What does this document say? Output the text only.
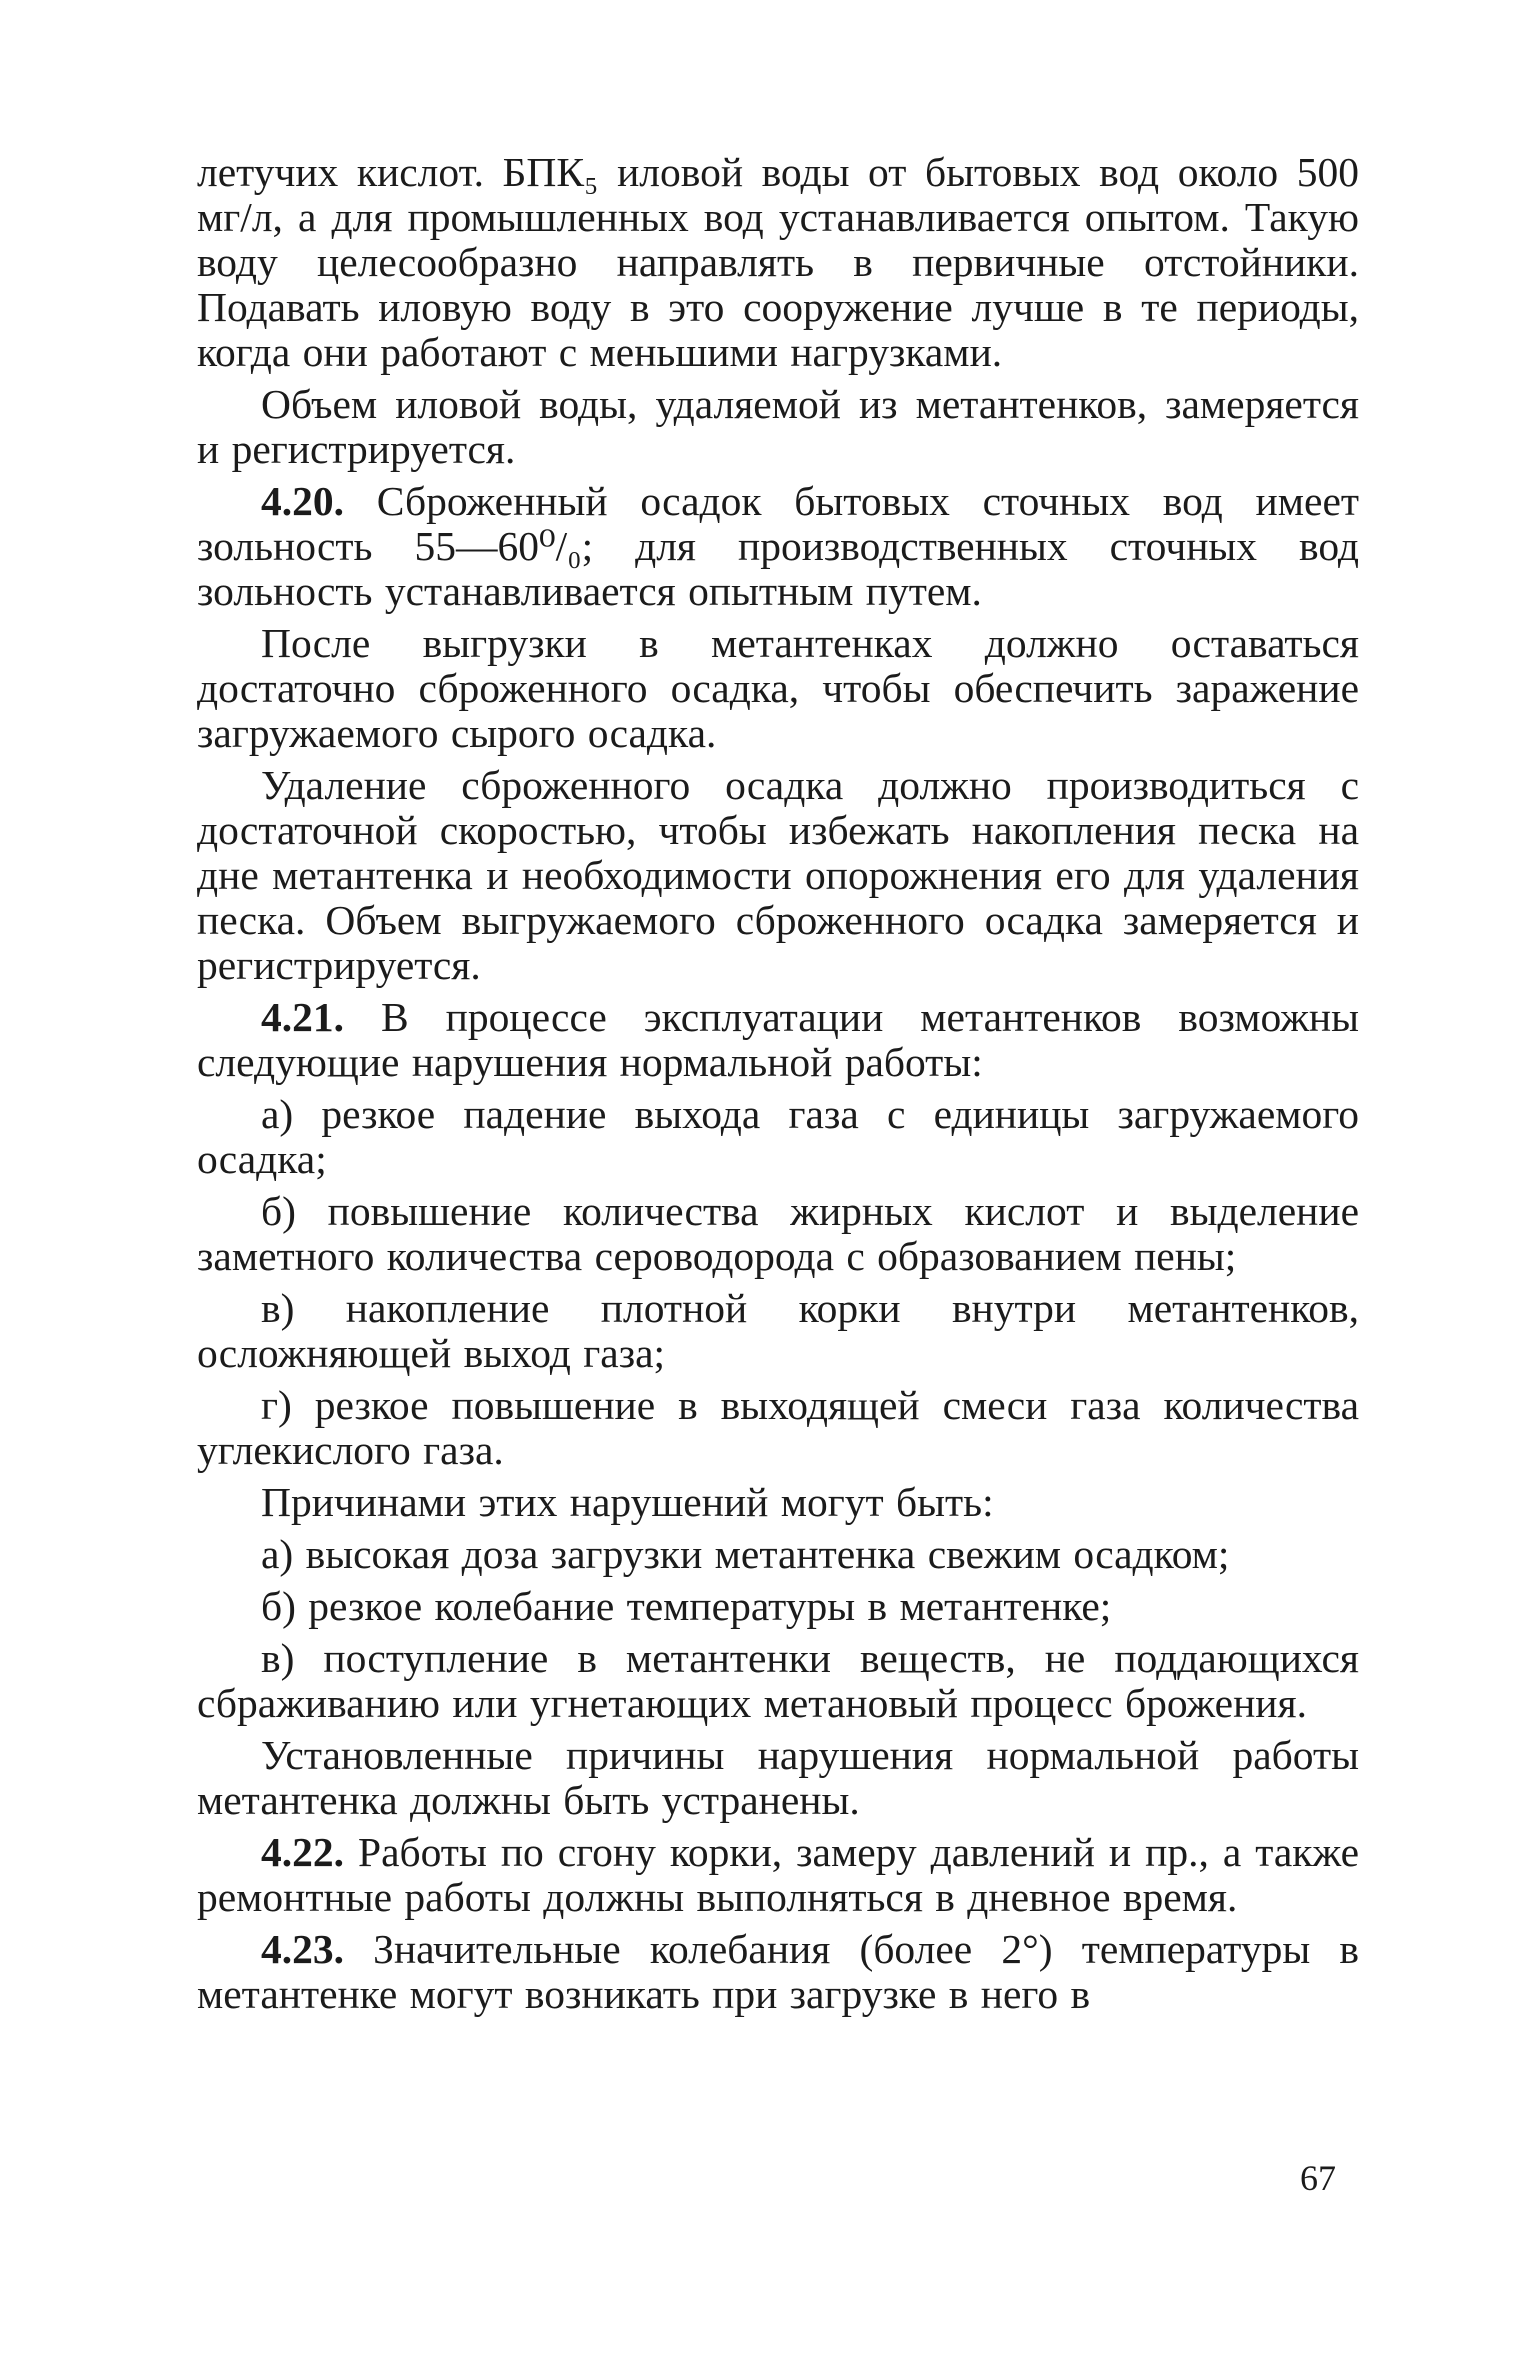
летучих кислот. БПК₅ иловой воды от бытовых вод около 500 мг/л, а для промышленных вод устанавливается опытом. Такую воду целесообразно направлять в первичные отстойники. Подавать иловую воду в это сооружение лучше в те периоды, когда они работают с меньшими нагрузками.

Объем иловой воды, удаляемой из метантенков, замеряется и регистрируется.

4.20. Сброженный осадок бытовых сточных вод имеет зольность 55—60⁰/₀; для производственных сточных вод зольность устанавливается опытным путем.

После выгрузки в метантенках должно оставаться достаточно сброженного осадка, чтобы обеспечить заражение загружаемого сырого осадка.

Удаление сброженного осадка должно производиться с достаточной скоростью, чтобы избежать накопления песка на дне метантенка и необходимости опорожнения его для удаления песка. Объем выгружаемого сброженного осадка замеряется и регистрируется.

4.21. В процессе эксплуатации метантенков возможны следующие нарушения нормальной работы:

а) резкое падение выхода газа с единицы загружаемого осадка;

б) повышение количества жирных кислот и выделение заметного количества сероводорода с образованием пены;

в) накопление плотной корки внутри метантенков, осложняющей выход газа;

г) резкое повышение в выходящей смеси газа количества углекислого газа.

Причинами этих нарушений могут быть:

а) высокая доза загрузки метантенка свежим осадком;

б) резкое колебание температуры в метантенке;

в) поступление в метантенки веществ, не поддающихся сбраживанию или угнетающих метановый процесс брожения.

Установленные причины нарушения нормальной работы метантенка должны быть устранены.

4.22. Работы по сгону корки, замеру давлений и пр., а также ремонтные работы должны выполняться в дневное время.

4.23. Значительные колебания (более 2°) температуры в метантенке могут возникать при загрузке в него в

67
